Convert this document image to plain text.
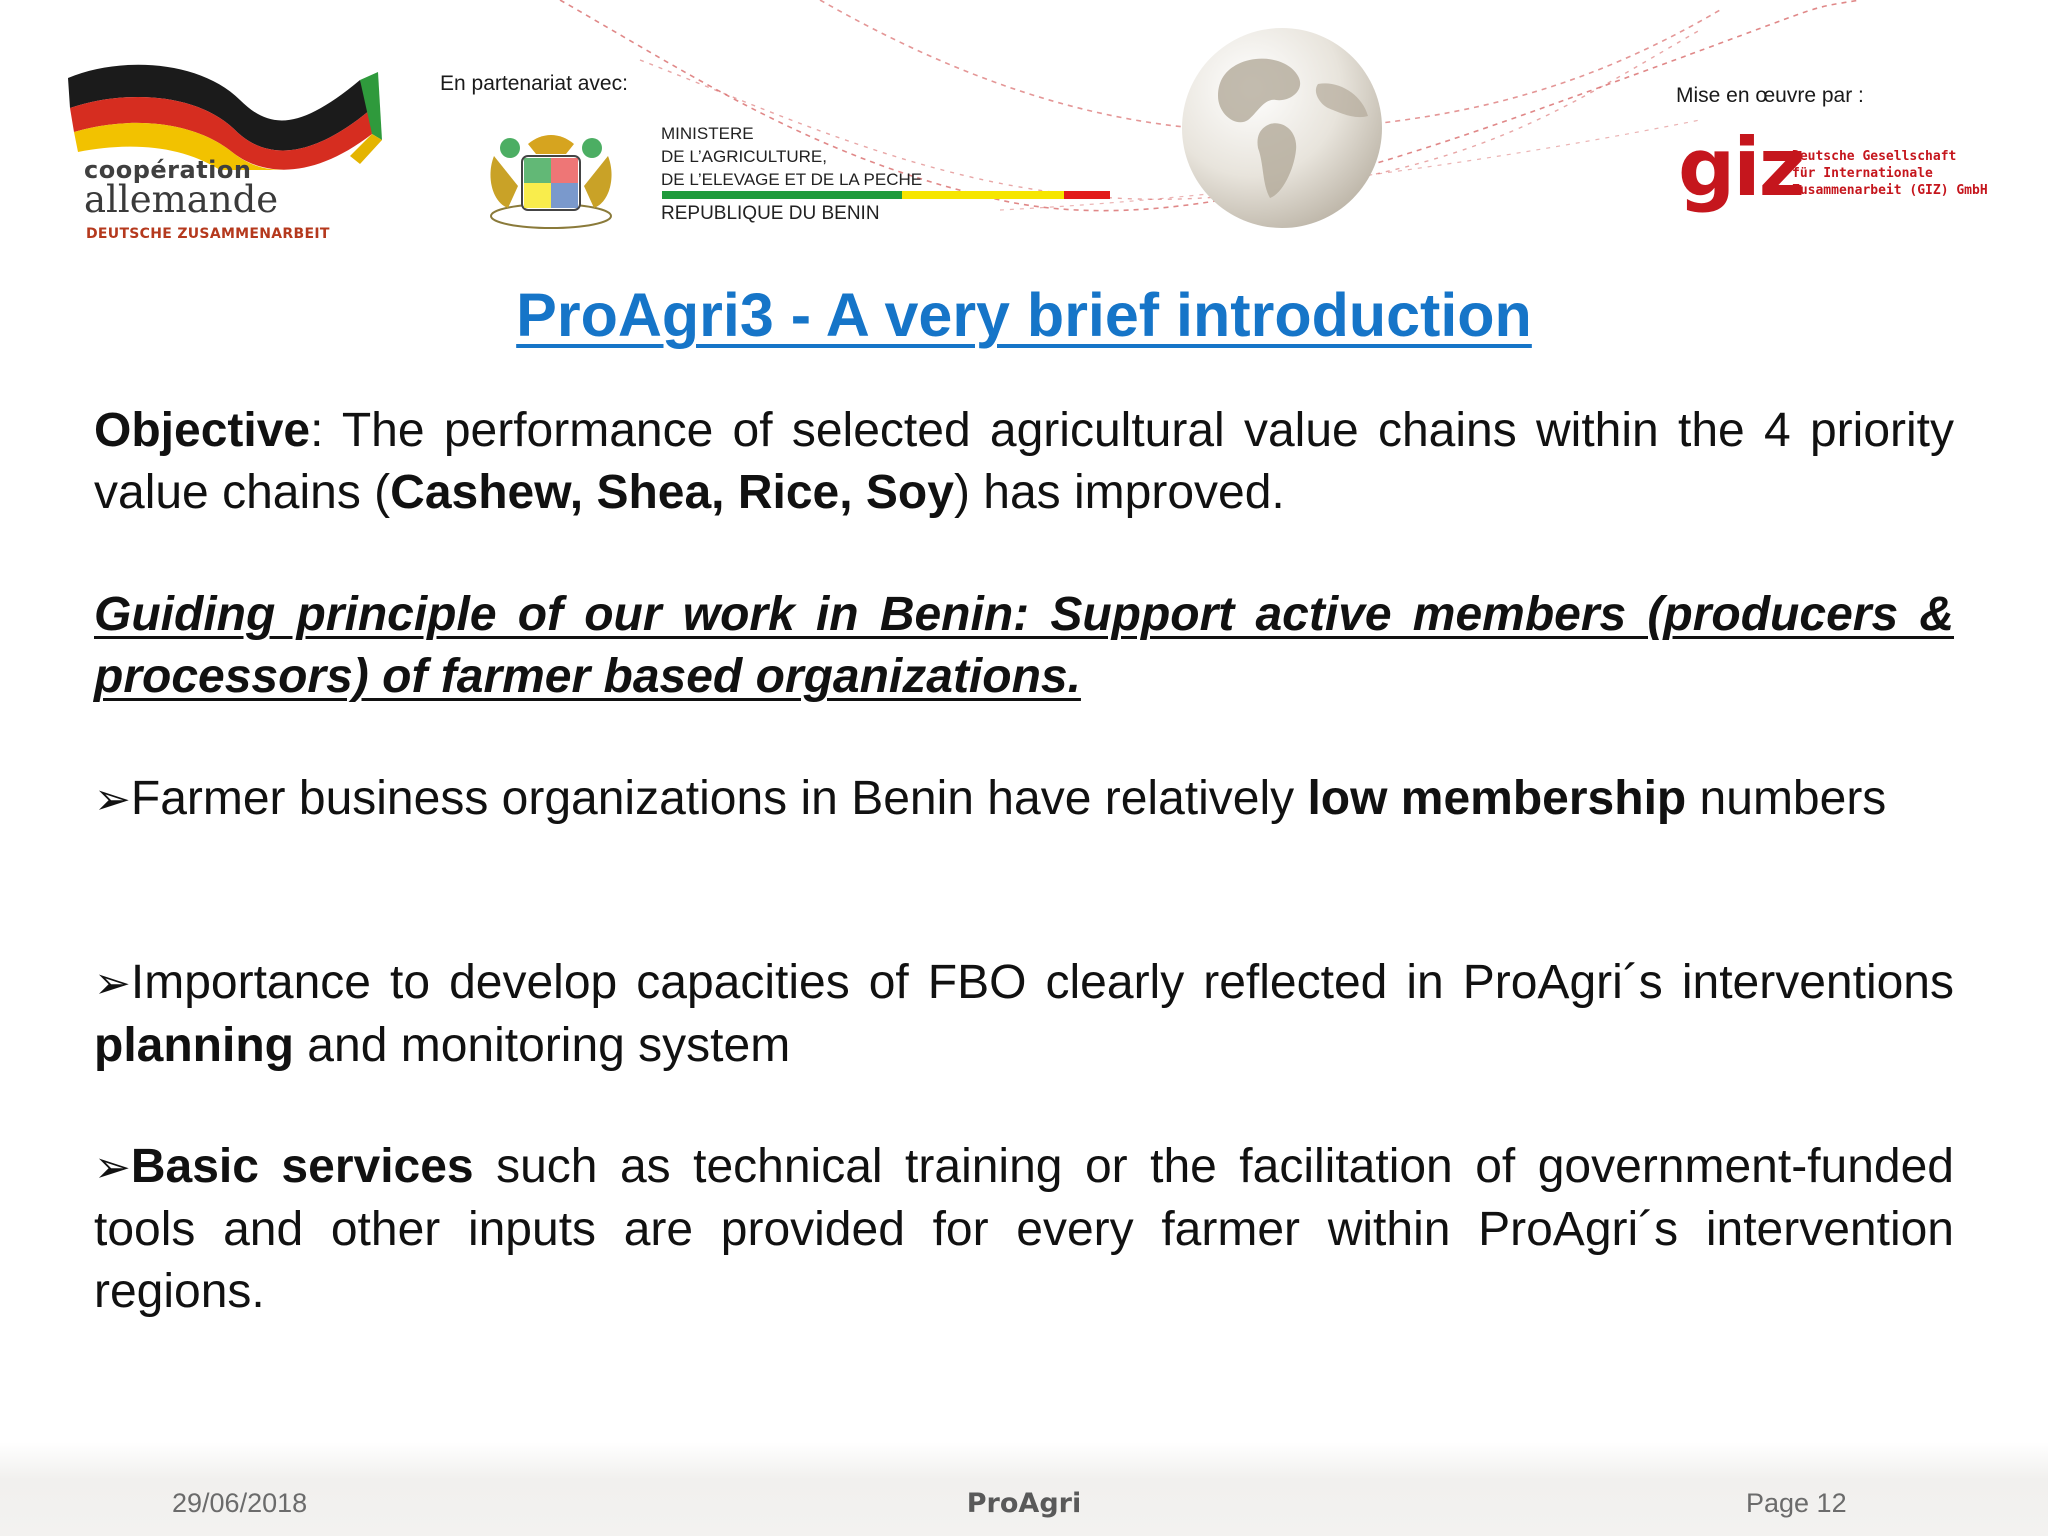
coopération
allemande
DEUTSCHE ZUSAMMENARBEIT
En partenariat avec:
MINISTERE
DE L’AGRICULTURE,
DE L’ELEVAGE ET DE LA PECHE
REPUBLIQUE DU BENIN
Mise en œuvre par :
giz
Deutsche Gesellschaft
für Internationale
Zusammenarbeit (GIZ) GmbH
ProAgri3 - A very brief introduction
Objective: The performance of selected agricultural value chains within the 4 priority value chains (Cashew, Shea, Rice, Soy) has improved.
Guiding principle of our work in Benin: Support active members (producers & processors) of farmer based organizations.
➢Farmer business organizations in Benin have relatively low membership numbers
➢Importance to develop capacities of FBO clearly reflected in ProAgri´s interventions planning and monitoring system
➢Basic services such as technical training or the facilitation of government-funded tools and other inputs are provided for every farmer within ProAgri´s intervention regions.
29/06/2018	ProAgri	Page 12
